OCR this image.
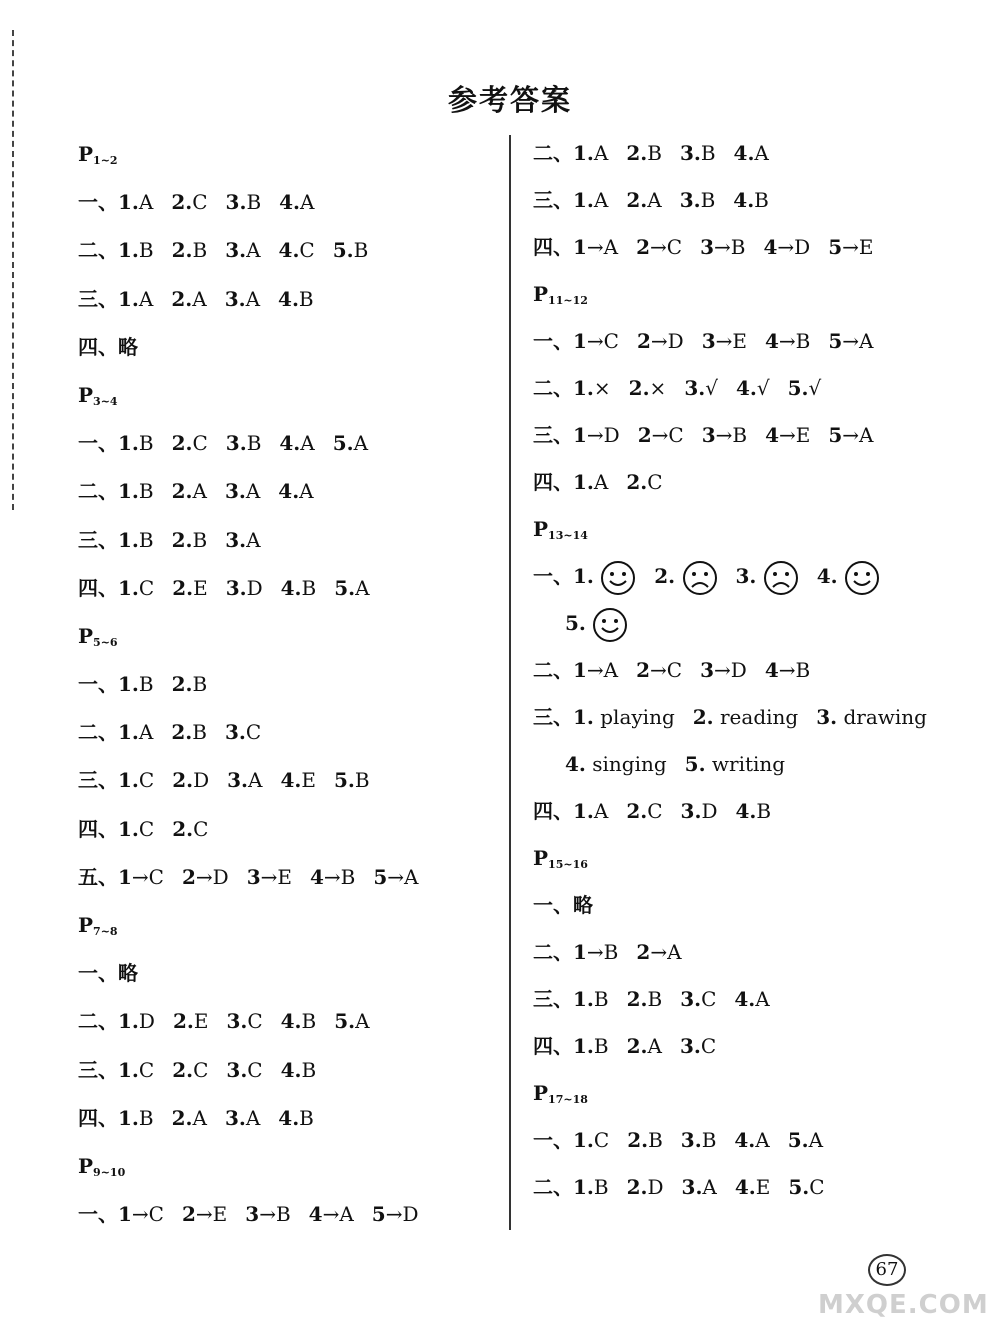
参考答案
$P_{1\sim 2}$
一、1.A 2.C 3.B 4.A
二、1.B 2.B 3.A 4.C 5.B
三、1.A 2.A 3.A 4.B
四、略
$P_{3\sim 4}$
一、1.B 2.C 3.B 4.A 5.A
二、1.B 2.A 3.A 4.A
三、1.B 2.B 3.A
四、1.C 2.E 3.D 4.B 5.A
$P_{5\sim 6}$
一、1.B 2.B
二、1.A 2.B 3.C
三、1.C 2.D 3.A 4.E 5.B
四、1.C 2.C
五、1→C 2→D 3→E 4→B 5→A
$P_{7\sim 8}$
一、略
二、1.D 2.E 3.C 4.B 5.A
三、1.C 2.C 3.C 4.B
四、1.B 2.A 3.A 4.B
$P_{9\sim 10}$
一、1→C 2→E 3→B 4→A 5→D
二、1.A 2.B 3.B 4.A
三、1.A 2.A 3.B 4.B
四、1→A 2→C 3→B 4→D 5→E
$P_{11\sim 12}$
一、1→C 2→D 3→E 4→B 5→A
二、1.× 2.× 3.√ 4.√ 5.√
三、1→D 2→C 3→B 4→E 5→A
四、1.A 2.C
$P_{13\sim 14}$
一、1.	2.	3.	4.
5.
二、1→A 2→C 3→D 4→B
三、1. playing 2. reading 3. drawing
4. singing 5. writing
四、1.A 2.C 3.D 4.B
$P_{15\sim 16}$
一、略
二、1→B 2→A
三、1.B 2.B 3.C 4.A
四、1.B 2.A 3.C
$P_{17\sim 18}$
一、1.C 2.B 3.B 4.A 5.A
二、1.B 2.D 3.A 4.E 5.C
67
MXQE.COM
